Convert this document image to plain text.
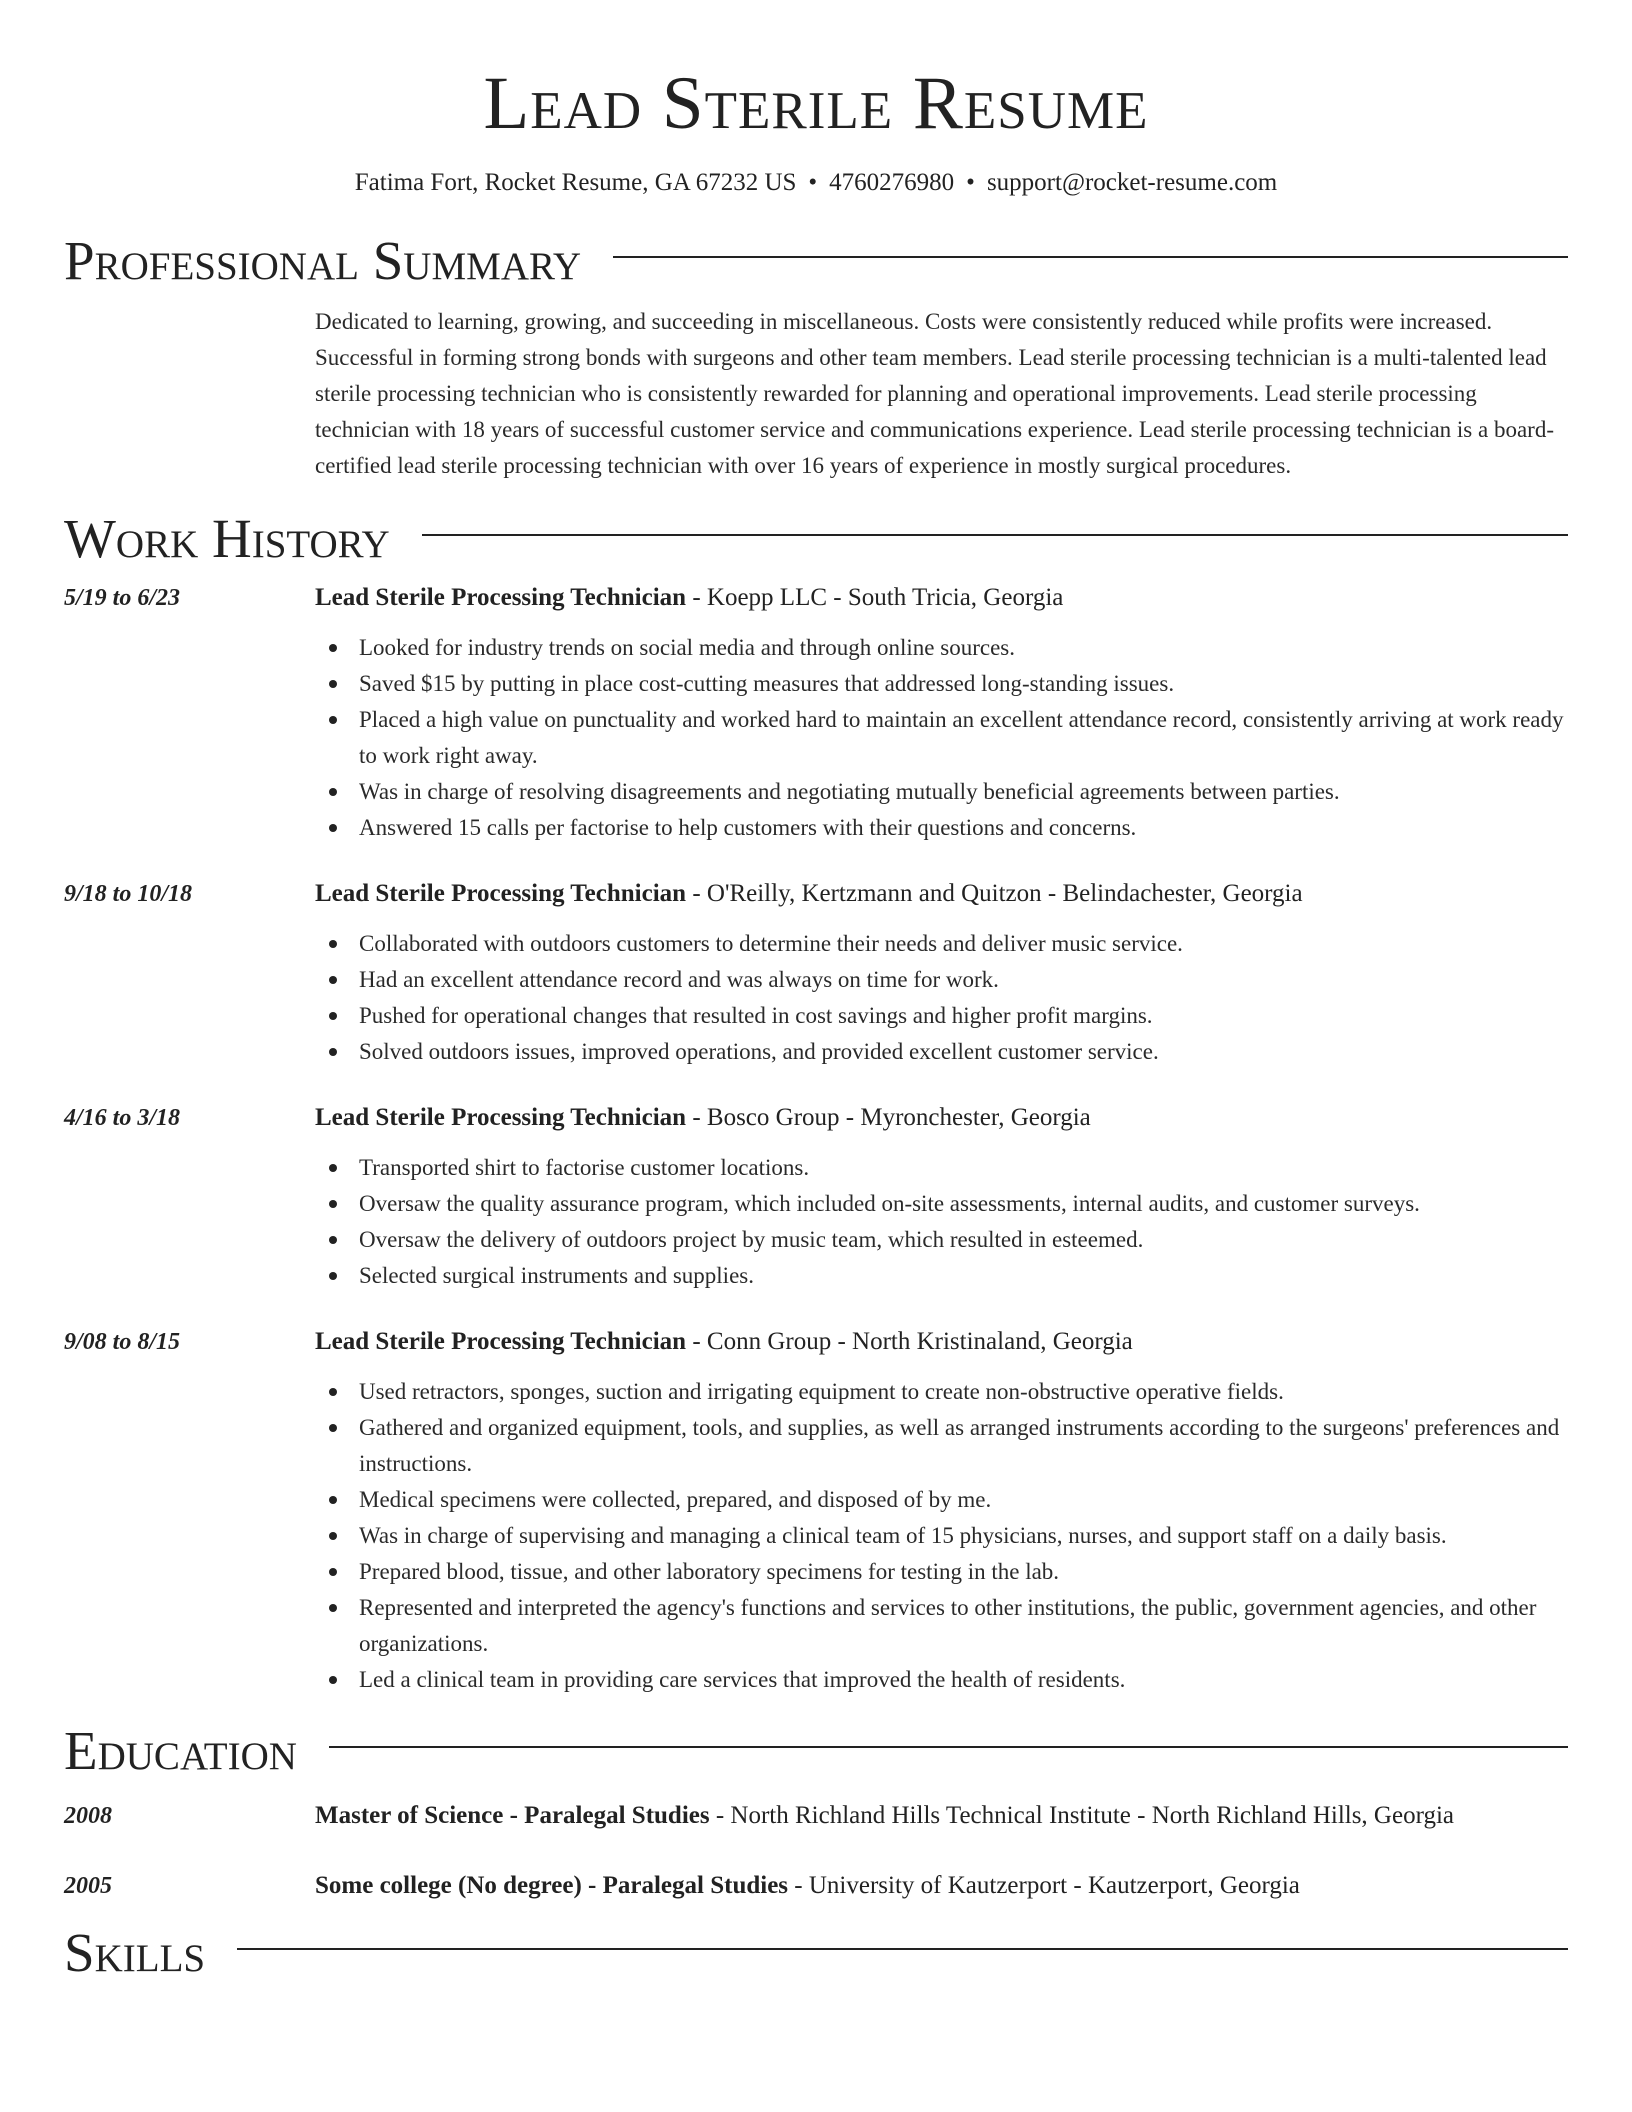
Lead Sterile Resume
Fatima Fort, Rocket Resume, GA 67232 US • 4760276980 • support@rocket-resume.com
Professional Summary
Dedicated to learning, growing, and succeeding in miscellaneous. Costs were consistently reduced while profits were increased. Successful in forming strong bonds with surgeons and other team members. Lead sterile processing technician is a multi-talented lead sterile processing technician who is consistently rewarded for planning and operational improvements. Lead sterile processing technician with 18 years of successful customer service and communications experience. Lead sterile processing technician is a board-certified lead sterile processing technician with over 16 years of experience in mostly surgical procedures.
Work History
5/19 to 6/23	Lead Sterile Processing Technician - Koepp LLC - South Tricia, Georgia
Looked for industry trends on social media and through online sources.
Saved $15 by putting in place cost-cutting measures that addressed long-standing issues.
Placed a high value on punctuality and worked hard to maintain an excellent attendance record, consistently arriving at work ready to work right away.
Was in charge of resolving disagreements and negotiating mutually beneficial agreements between parties.
Answered 15 calls per factorise to help customers with their questions and concerns.
9/18 to 10/18	Lead Sterile Processing Technician - O'Reilly, Kertzmann and Quitzon - Belindachester, Georgia
Collaborated with outdoors customers to determine their needs and deliver music service.
Had an excellent attendance record and was always on time for work.
Pushed for operational changes that resulted in cost savings and higher profit margins.
Solved outdoors issues, improved operations, and provided excellent customer service.
4/16 to 3/18	Lead Sterile Processing Technician - Bosco Group - Myronchester, Georgia
Transported shirt to factorise customer locations.
Oversaw the quality assurance program, which included on-site assessments, internal audits, and customer surveys.
Oversaw the delivery of outdoors project by music team, which resulted in esteemed.
Selected surgical instruments and supplies.
9/08 to 8/15	Lead Sterile Processing Technician - Conn Group - North Kristinaland, Georgia
Used retractors, sponges, suction and irrigating equipment to create non-obstructive operative fields.
Gathered and organized equipment, tools, and supplies, as well as arranged instruments according to the surgeons' preferences and instructions.
Medical specimens were collected, prepared, and disposed of by me.
Was in charge of supervising and managing a clinical team of 15 physicians, nurses, and support staff on a daily basis.
Prepared blood, tissue, and other laboratory specimens for testing in the lab.
Represented and interpreted the agency's functions and services to other institutions, the public, government agencies, and other organizations.
Led a clinical team in providing care services that improved the health of residents.
Education
2008	Master of Science - Paralegal Studies - North Richland Hills Technical Institute - North Richland Hills, Georgia
2005	Some college (No degree) - Paralegal Studies - University of Kautzerport - Kautzerport, Georgia
Skills
